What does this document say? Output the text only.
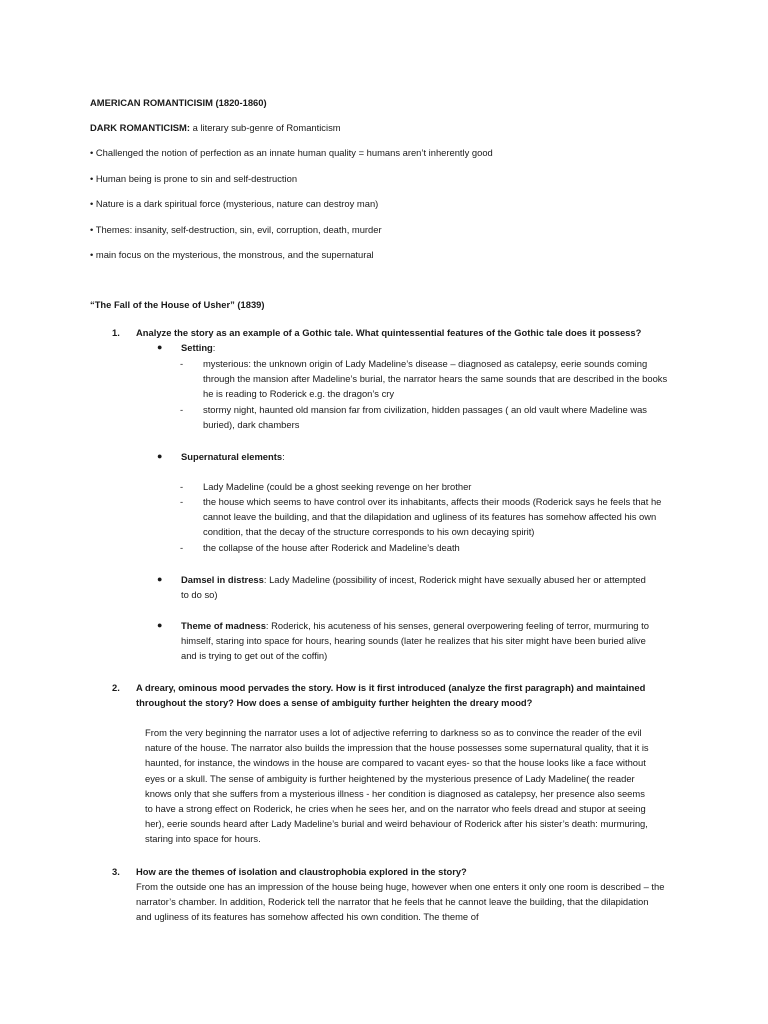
AMERICAN ROMANTICISIM (1820-1860)
DARK ROMANTICISM: a literary sub-genre of Romanticism
• Challenged the notion of perfection as an innate human quality = humans aren’t inherently good
• Human being is prone to sin and self-destruction
• Nature is a dark spiritual force (mysterious, nature can destroy man)
• Themes: insanity, self-destruction, sin, evil, corruption, death, murder
• main focus on the mysterious, the monstrous, and the supernatural
“The Fall of the House of Usher” (1839)
1. Analyze the story as an example of a Gothic tale. What quintessential features of the Gothic tale does it possess?
● Setting:
- mysterious: the unknown origin of Lady Madeline’s disease – diagnosed as catalepsy, eerie sounds coming through the mansion after Madeline’s burial, the narrator hears the same sounds that are described in the books he is reading to Roderick e.g. the dragon’s cry
- stormy night, haunted old mansion far from civilization, hidden passages ( an old vault where Madeline was buried), dark chambers
● Supernatural elements:
- Lady Madeline (could be a ghost seeking revenge on her brother
- the house which seems to have control over its inhabitants, affects their moods (Roderick says he feels that he cannot leave the building, and that the dilapidation and ugliness of its features has somehow affected his own condition, that the decay of the structure corresponds to his own decaying spirit)
- the collapse of the house after Roderick and Madeline’s death
● Damsel in distress: Lady Madeline (possibility of incest, Roderick might have sexually abused her or attempted to do so)
● Theme of madness: Roderick, his acuteness of his senses, general overpowering feeling of terror, murmuring to himself, staring into space for hours, hearing sounds (later he realizes that his siter might have been buried alive and is trying to get out of the coffin)
2. A dreary, ominous mood pervades the story. How is it first introduced (analyze the first paragraph) and maintained throughout the story? How does a sense of ambiguity further heighten the dreary mood?
From the very beginning the narrator uses a lot of adjective referring to darkness so as to convince the reader of the evil nature of the house. The narrator also builds the impression that the house possesses some supernatural quality, that it is haunted, for instance, the windows in the house are compared to vacant eyes- so that the house looks like a face without eyes or a skull. The sense of ambiguity is further heightened by the mysterious presence of Lady Madeline( the reader knows only that she suffers from a mysterious illness - her condition is diagnosed as catalepsy, her presence also seems to have a strong effect on Roderick, he cries when he sees her, and on the narrator who feels dread and stupor at seeing her), eerie sounds heard after Lady Madeline’s burial and weird behaviour of Roderick after his sister’s death: murmuring, staring into space for hours.
3. How are the themes of isolation and claustrophobia explored in the story?
From the outside one has an impression of the house being huge, however when one enters it only one room is described – the narrator’s chamber. In addition, Roderick tell the narrator that he feels that he cannot leave the building, that the dilapidation and ugliness of its features has somehow affected his own condition. The theme of
